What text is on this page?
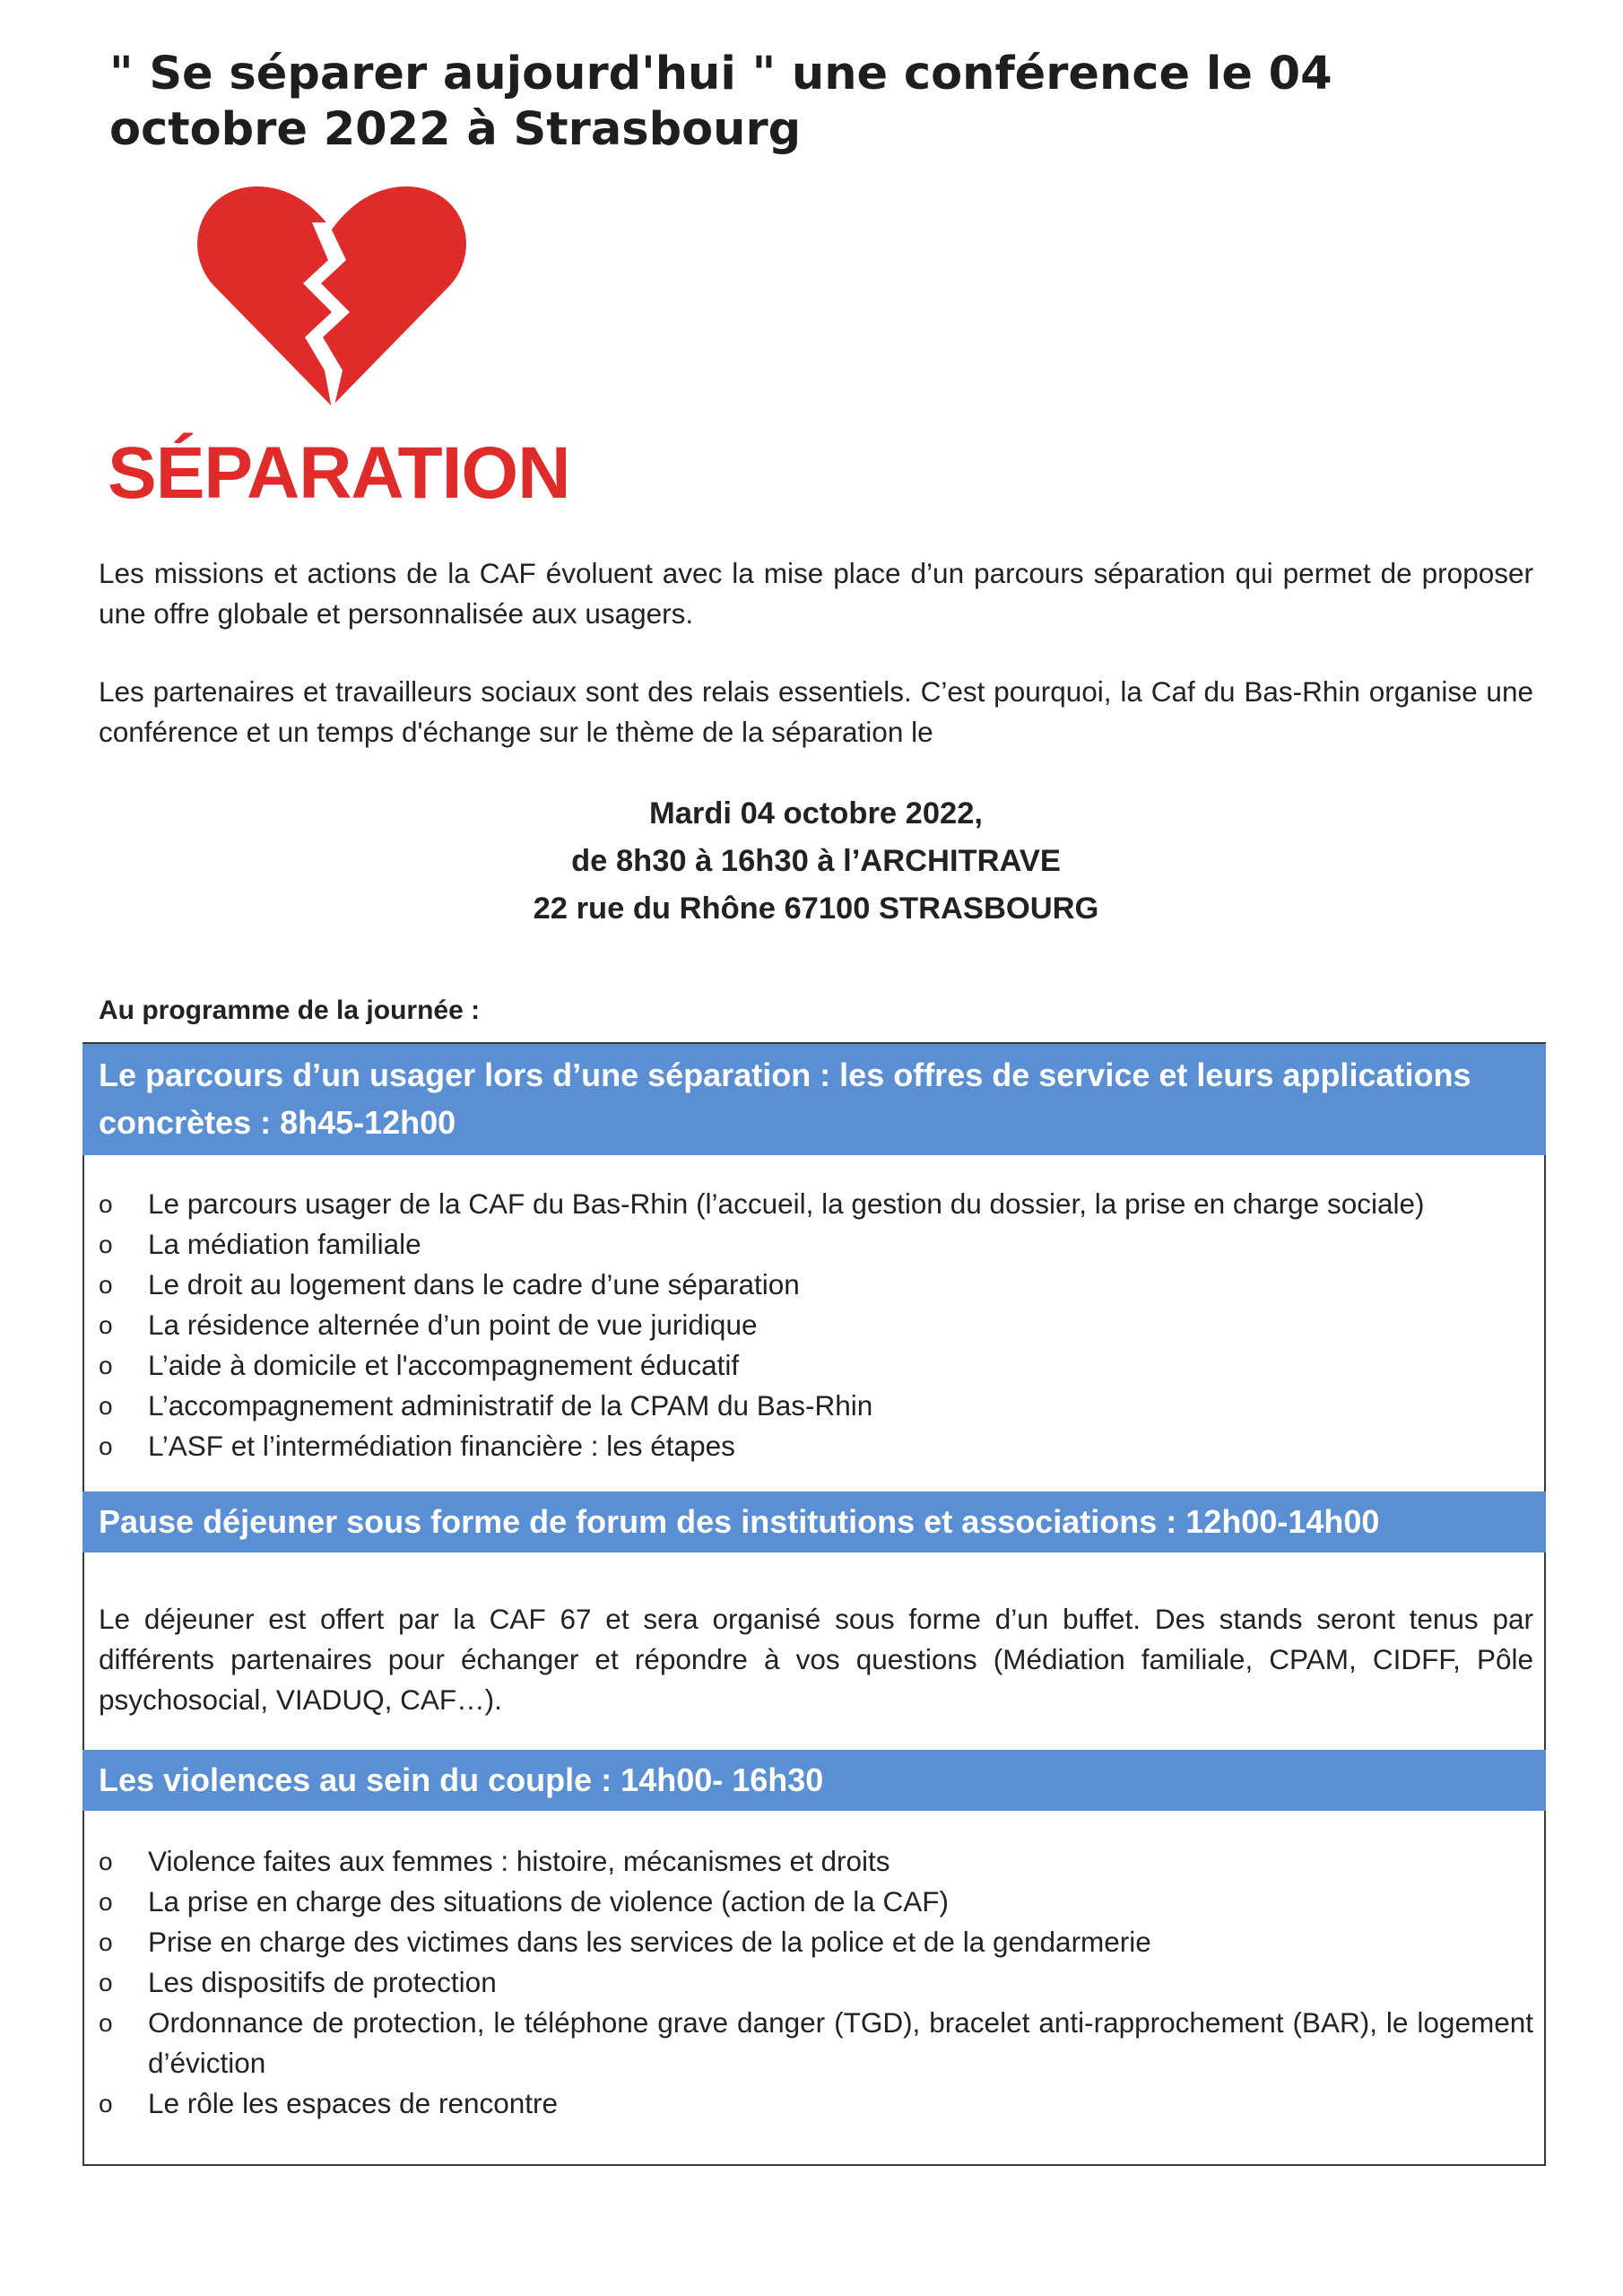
" Se séparer aujourd'hui " une conférence le 04 octobre 2022 à Strasbourg
SÉPARATION

Les missions et actions de la CAF évoluent avec la mise place d’un parcours séparation qui permet de proposer une offre globale et personnalisée aux usagers.

Les partenaires et travailleurs sociaux sont des relais essentiels. C’est pourquoi, la Caf du Bas-Rhin organise une conférence et un temps d'échange sur le thème de la séparation le

Mardi 04 octobre 2022,
de 8h30 à 16h30 à l’ARCHITRAVE
22 rue du Rhône 67100 STRASBOURG
Au programme de la journée :
Le parcours d’un usager lors d’une séparation : les offres de service et leurs applications concrètes : 8h45-12h00
o Le parcours usager de la CAF du Bas-Rhin (l’accueil, la gestion du dossier, la prise en charge sociale)
o La médiation familiale
o Le droit au logement dans le cadre d’une séparation
o La résidence alternée d’un point de vue juridique
o L’aide à domicile et l'accompagnement éducatif
o L’accompagnement administratif de la CPAM du Bas-Rhin
o L’ASF et l’intermédiation financière : les étapes
Pause déjeuner sous forme de forum des institutions et associations : 12h00-14h00

Le déjeuner est offert par la CAF 67 et sera organisé sous forme d’un buffet. Des stands seront tenus par différents partenaires pour échanger et répondre à vos questions (Médiation familiale, CPAM, CIDFF, Pôle psychosocial, VIADUQ, CAF…).

Les violences au sein du couple : 14h00- 16h30
o Violence faites aux femmes : histoire, mécanismes et droits
o La prise en charge des situations de violence (action de la CAF)
o Prise en charge des victimes dans les services de la police et de la gendarmerie
o Les dispositifs de protection
o Ordonnance de protection, le téléphone grave danger (TGD), bracelet anti-rapprochement (BAR), le logement d’éviction
o Le rôle les espaces de rencontre
